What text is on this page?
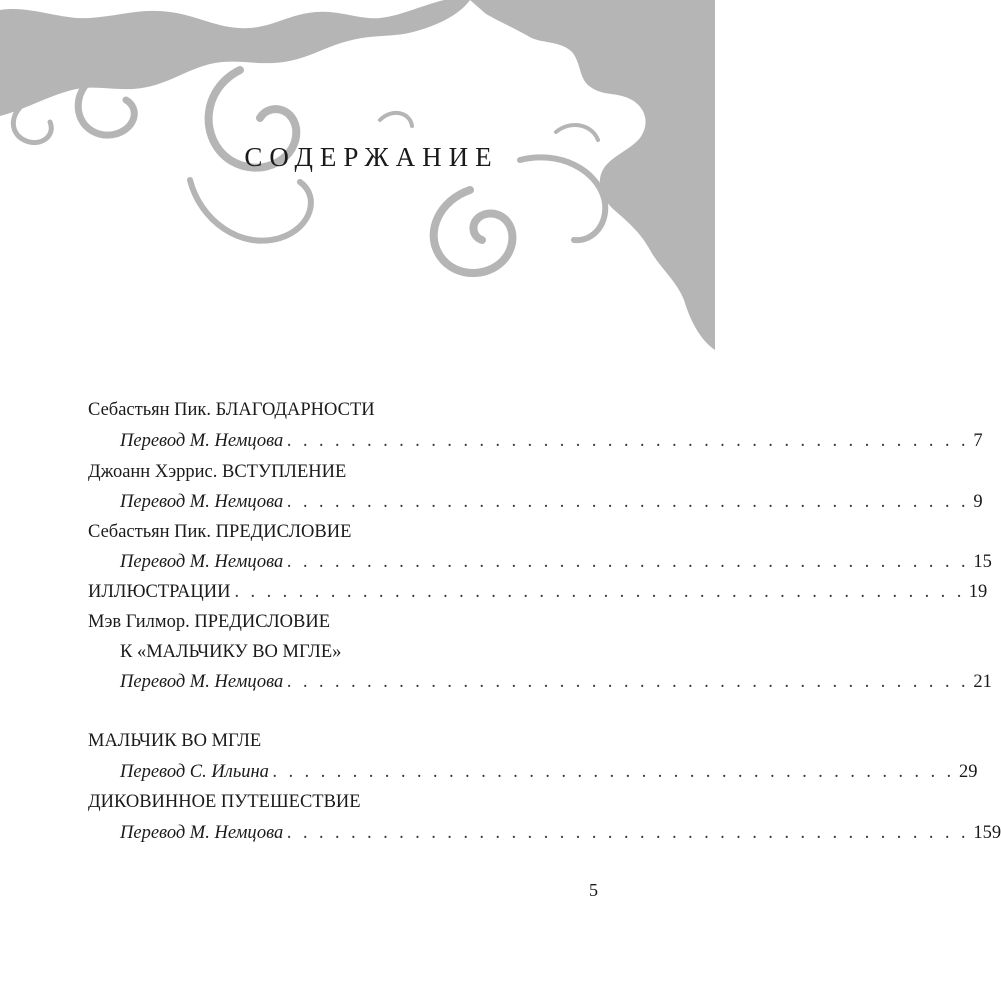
СОДЕРЖАНИЕ
Себастьян Пик. БЛАГОДАРНОСТИ
Перевод М. Немцова . . . . . . . . . . . . . . . . . . . . . . . . . . . . . . . . . . . . . . . . . . . 7
Джоанн Хэррис. ВСТУПЛЕНИЕ
Перевод М. Немцова . . . . . . . . . . . . . . . . . . . . . . . . . . . . . . . . . . . . . . . . . . . 9
Себастьян Пик. ПРЕДИСЛОВИЕ
Перевод М. Немцова . . . . . . . . . . . . . . . . . . . . . . . . . . . . . . . . . . . . . . . . . . . 15
ИЛЛЮСТРАЦИИ . . . . . . . . . . . . . . . . . . . . . . . . . . . . . . . . . . . . . . . . . . . . . . 19
Мэв Гилмор. ПРЕДИСЛОВИЕ
К «МАЛЬЧИКУ ВО МГЛЕ»
Перевод М. Немцова . . . . . . . . . . . . . . . . . . . . . . . . . . . . . . . . . . . . . . . . . . . 21
МАЛЬЧИК ВО МГЛЕ
Перевод С. Ильина . . . . . . . . . . . . . . . . . . . . . . . . . . . . . . . . . . . . . . . . . . . 29
ДИКОВИННОЕ ПУТЕШЕСТВИЕ
Перевод М. Немцова . . . . . . . . . . . . . . . . . . . . . . . . . . . . . . . . . . . . . . . . . . . 159
5
